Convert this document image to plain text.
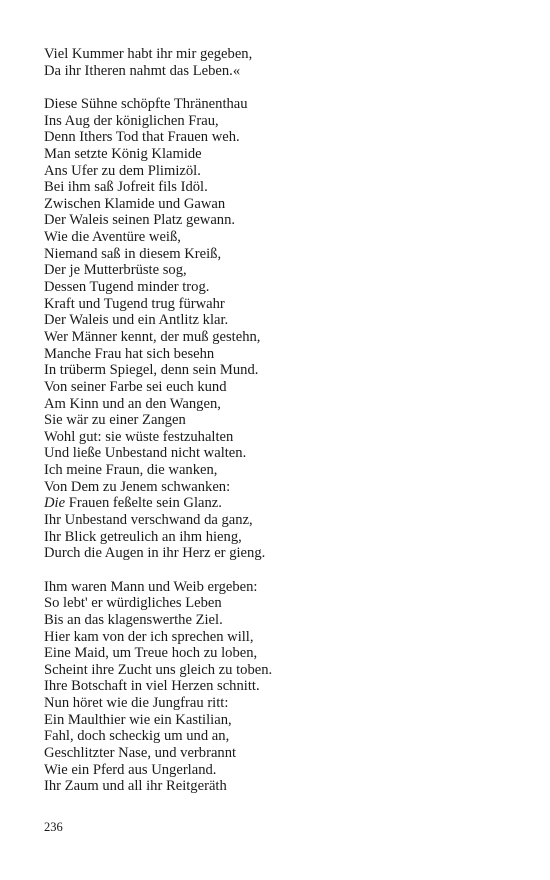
Viel Kummer habt ihr mir gegeben,
Da ihr Itheren nahmt das Leben.«
Diese Sühne schöpfte Thränenthau
Ins Aug der königlichen Frau,
Denn Ithers Tod that Frauen weh.
Man setzte König Klamide
Ans Ufer zu dem Plimizöl.
Bei ihm saß Jofreit fils Idöl.
Zwischen Klamide und Gawan
Der Waleis seinen Platz gewann.
Wie die Aventüre weiß,
Niemand saß in diesem Kreiß,
Der je Mutterbrüste sog,
Dessen Tugend minder trog.
Kraft und Tugend trug fürwahr
Der Waleis und ein Antlitz klar.
Wer Männer kennt, der muß gestehn,
Manche Frau hat sich besehn
In trüberm Spiegel, denn sein Mund.
Von seiner Farbe sei euch kund
Am Kinn und an den Wangen,
Sie wär zu einer Zangen
Wohl gut: sie wüste festzuhalten
Und ließe Unbestand nicht walten.
Ich meine Fraun, die wanken,
Von Dem zu Jenem schwanken:
Die Frauen feßelte sein Glanz.
Ihr Unbestand verschwand da ganz,
Ihr Blick getreulich an ihm hieng,
Durch die Augen in ihr Herz er gieng.
Ihm waren Mann und Weib ergeben:
So lebt' er würdigliches Leben
Bis an das klagenswerthe Ziel.
Hier kam von der ich sprechen will,
Eine Maid, um Treue hoch zu loben,
Scheint ihre Zucht uns gleich zu toben.
Ihre Botschaft in viel Herzen schnitt.
Nun höret wie die Jungfrau ritt:
Ein Maulthier wie ein Kastilian,
Fahl, doch scheckig um und an,
Geschlitzter Nase, und verbrannt
Wie ein Pferd aus Ungerland.
Ihr Zaum und all ihr Reitgeräth
236
